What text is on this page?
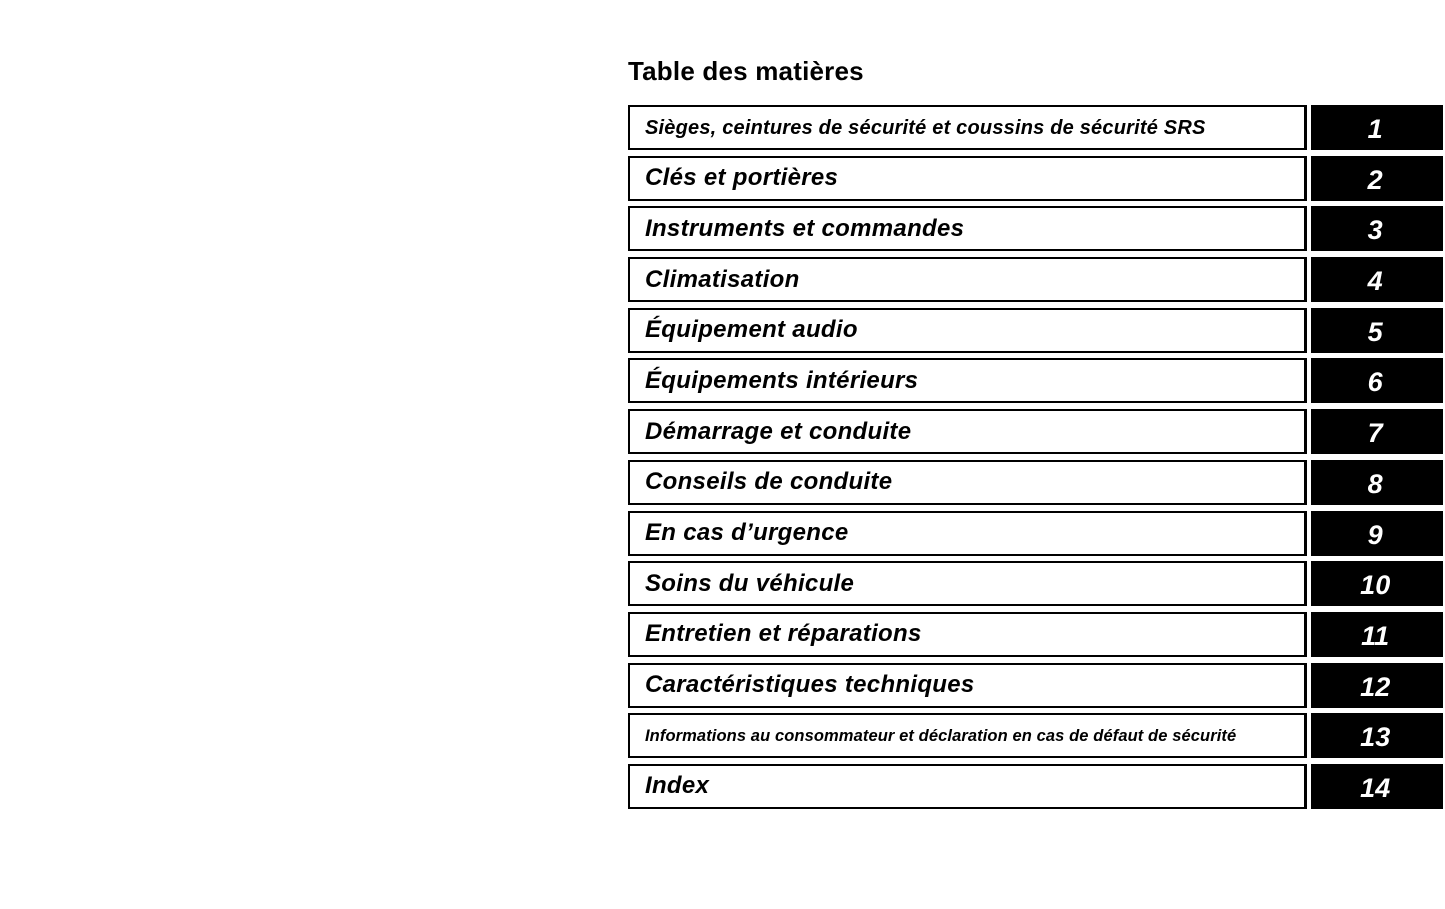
Table des matières
Sièges, ceintures de sécurité et coussins de sécurité SRS	1
Clés et portières	2
Instruments et commandes	3
Climatisation	4
Équipement audio	5
Équipements intérieurs	6
Démarrage et conduite	7
Conseils de conduite	8
En cas d’urgence	9
Soins du véhicule	10
Entretien et réparations	11
Caractéristiques techniques	12
Informations au consommateur et déclaration en cas de défaut de sécurité	13
Index	14
